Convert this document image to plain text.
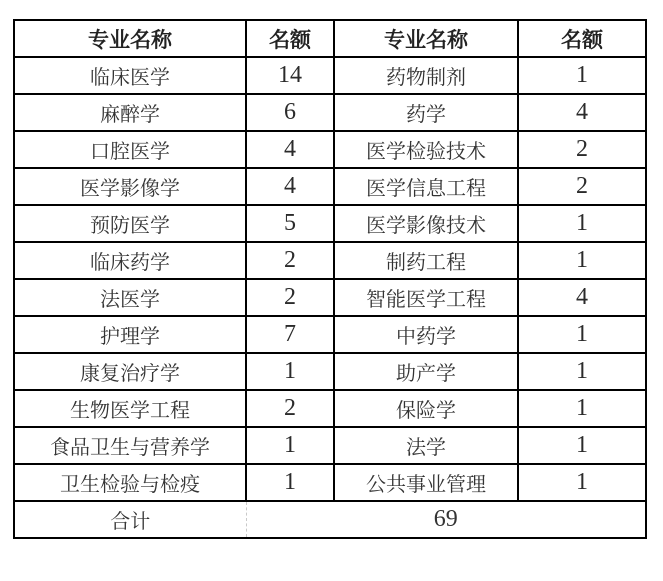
专业名称	名额	专业名称	名额
临床医学	14	药物制剂	1
麻醉学	6	药学	4
口腔医学	4	医学检验技术	2
医学影像学	4	医学信息工程	2
预防医学	5	医学影像技术	1
临床药学	2	制药工程	1
法医学	2	智能医学工程	4
护理学	7	中药学	1
康复治疗学	1	助产学	1
生物医学工程	2	保险学	1
食品卫生与营养学	1	法学	1
卫生检验与检疫	1	公共事业管理	1
合计	69		
